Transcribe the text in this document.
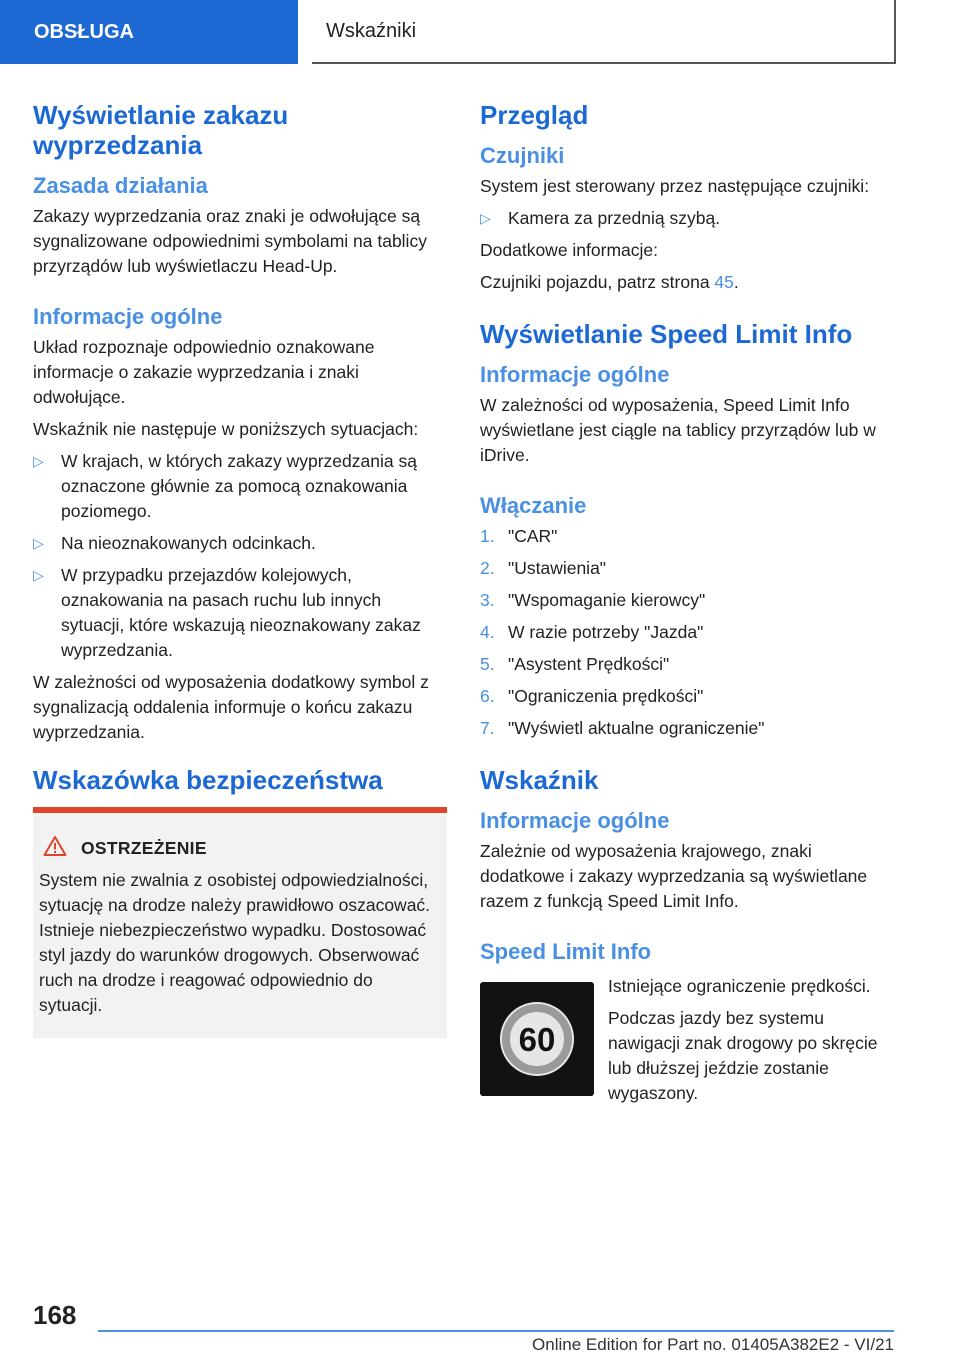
OBSŁUGA	Wskaźniki
Wyświetlanie zakazu wyprzedzania
Zasada działania

Zakazy wyprzedzania oraz znaki je odwołujące są sygnalizowane odpowiednimi symbolami na tablicy przyrządów lub wyświetlaczu Head-Up.

Informacje ogólne

Układ rozpoznaje odpowiednio oznakowane informacje o zakazie wyprzedzania i znaki odwołujące.

Wskaźnik nie następuje w poniższych sytuacjach:

▷ W krajach, w których zakazy wyprzedzania są oznaczone głównie za pomocą oznakowania poziomego.
▷ Na nieoznakowanych odcinkach.
▷ W przypadku przejazdów kolejowych, oznakowania na pasach ruchu lub innych sytuacji, które wskazują nieoznakowany zakaz wyprzedzania.

W zależności od wyposażenia dodatkowy symbol z sygnalizacją oddalenia informuje o końcu zakazu wyprzedzania.

Wskazówka bezpieczeństwa
OSTRZEŻENIE

System nie zwalnia z osobistej odpowiedzialności, sytuację na drodze należy prawidłowo oszacować. Istnieje niebezpieczeństwo wypadku. Dostosować styl jazdy do warunków drogowych. Obserwować ruch na drodze i reagować odpowiednio do sytuacji.

Przegląd
Czujniki

System jest sterowany przez następujące czujniki:

▷ Kamera za przednią szybą.

Dodatkowe informacje:

Czujniki pojazdu, patrz strona 45.

Wyświetlanie Speed Limit Info
Informacje ogólne

W zależności od wyposażenia, Speed Limit Info wyświetlane jest ciągle na tablicy przyrządów lub w iDrive.

Włączanie
1. "CAR"
2. "Ustawienia"
3. "Wspomaganie kierowcy"
4. W razie potrzeby "Jazda"
5. "Asystent Prędkości"
6. "Ograniczenia prędkości"
7. "Wyświetl aktualne ograniczenie"
Wskaźnik
Informacje ogólne

Zależnie od wyposażenia krajowego, znaki dodatkowe i zakazy wyprzedzania są wyświetlane razem z funkcją Speed Limit Info.

Speed Limit Info
60

Istniejące ograniczenie prędkości.

Podczas jazdy bez systemu nawigacji znak drogowy po skręcie lub dłuższej jeździe zostanie wygaszony.

168
Online Edition for Part no. 01405A382E2 - VI/21
